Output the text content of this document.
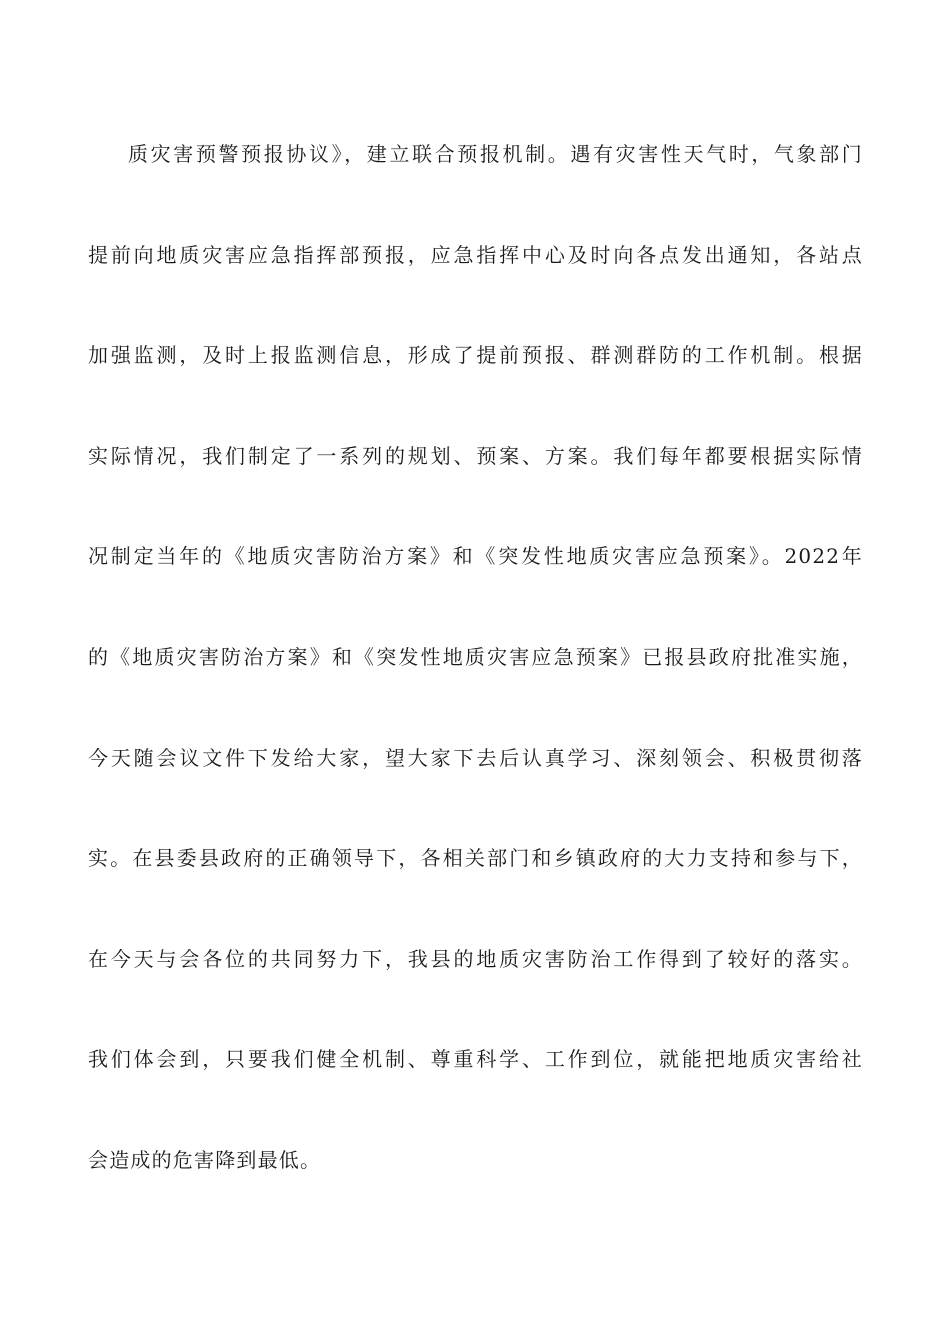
质灾害预警预报协议》，建立联合预报机制。遇有灾害性天气时，气象部门
提前向地质灾害应急指挥部预报，应急指挥中心及时向各点发出通知，各站点
加强监测，及时上报监测信息，形成了提前预报、群测群防的工作机制。根据
实际情况，我们制定了一系列的规划、预案、方案。我们每年都要根据实际情
况制定当年的《地质灾害防治方案》和《突发性地质灾害应急预案》。2022年
的《地质灾害防治方案》和《突发性地质灾害应急预案》已报县政府批准实施，
今天随会议文件下发给大家，望大家下去后认真学习、深刻领会、积极贯彻落
实。在县委县政府的正确领导下，各相关部门和乡镇政府的大力支持和参与下，
在今天与会各位的共同努力下，我县的地质灾害防治工作得到了较好的落实。
我们体会到，只要我们健全机制、尊重科学、工作到位，就能把地质灾害给社
会造成的危害降到最低。
